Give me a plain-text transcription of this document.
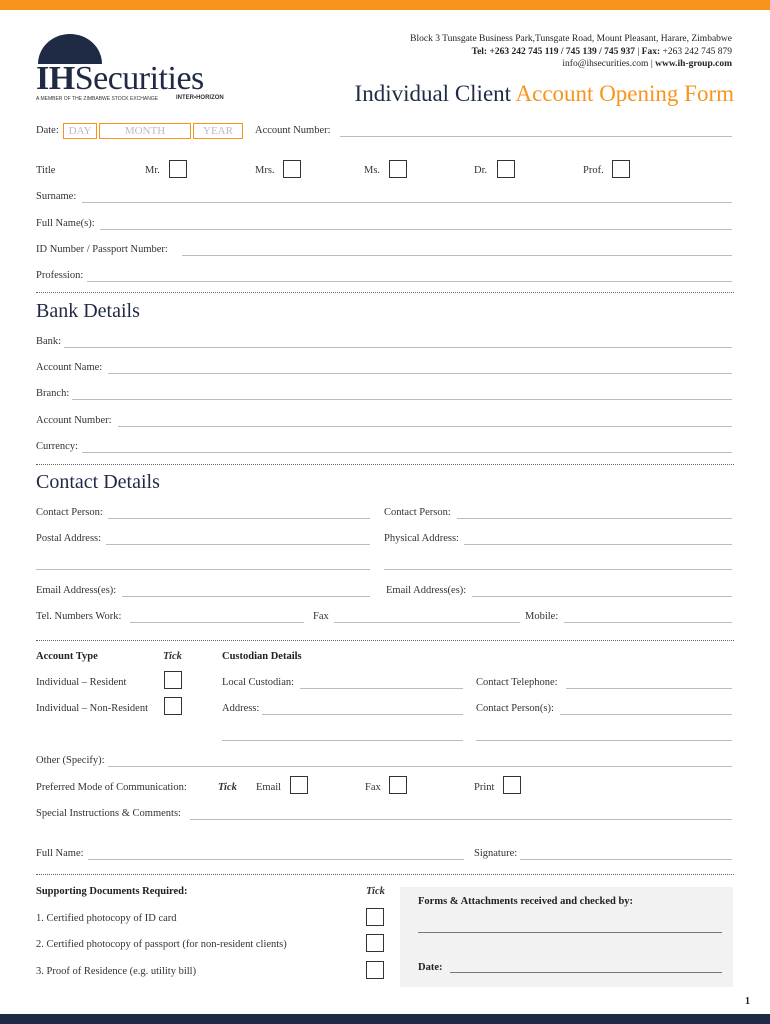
IHSecurities
A MEMBER OF THE ZIMBABWE STOCK EXCHANGE	INTER•HORIZON
Block 3 Tunsgate Business Park,Tunsgate Road, Mount Pleasant, Harare, Zimbabwe
Tel: +263 242 745 119 / 745 139 / 745 937 | Fax: +263 242 745 879
info@ihsecurities.com | www.ih-group.com
Individual Client Account Opening Form
Date: DAY	MONTH	YEAR	Account Number:
Title	Mr.	Mrs.	Ms.	Dr.	Prof.
Surname:
Full Name(s):
ID Number / Passport Number:
Profession:
Bank Details
Bank:
Account Name:
Branch:
Account Number:
Currency:
Contact Details
Contact Person:	Contact Person:
Postal Address:	Physical Address:
Email Address(es):	Email Address(es):
Tel. Numbers Work:	Fax	Mobile:
Account Type	Tick	Custodian Details
Individual – Resident	Local Custodian:	Contact Telephone:
Individual – Non-Resident	Address:	Contact Person(s):
Other (Specify):
Preferred Mode of Communication:	Tick Email	Fax	Print
Special Instructions & Comments:
Full Name:	Signature:
Supporting Documents Required:	Tick
1. Certified photocopy of ID card
2. Certified photocopy of passport (for non-resident clients)
3. Proof of Residence (e.g. utility bill)
Forms & Attachments received and checked by:
Date:
1
